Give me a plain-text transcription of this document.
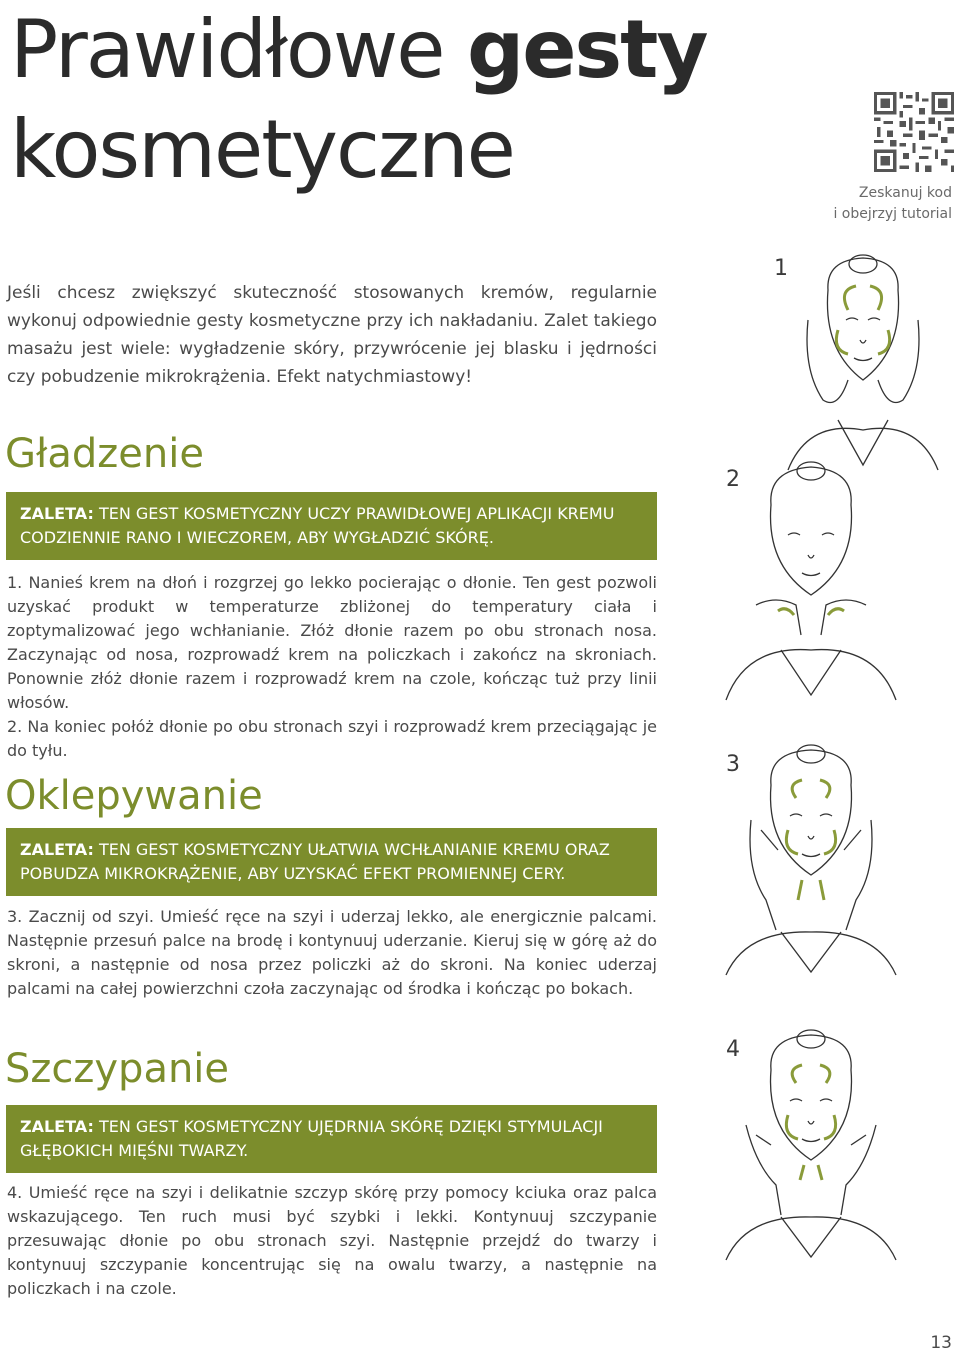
Prawidłowe gesty
kosmetyczne	Zeskanuj kod
i obejrzyj tutorial

Jeśli chcesz zwiększyć skuteczność stosowanych kremów, regularnie wykonuj odpowiednie gesty kosmetyczne przy ich nakładaniu. Zalet takiego masażu jest wiele: wygładzenie skóry, przywrócenie jej blasku i jędrności czy pobudzenie mikrokrążenia. Efekt natychmiastowy!

Gładzenie
ZALETA: TEN GEST KOSMETYCZNY UCZY PRAWIDŁOWEJ APLIKACJI KREMU CODZIENNIE RANO I WIECZOREM, ABY WYGŁADZIĆ SKÓRĘ.

1. Nanieś krem na dłoń i rozgrzej go lekko pocierając o dłonie. Ten gest pozwoli uzyskać produkt w temperaturze zbliżonej do temperatury ciała i zoptymalizować jego wchłanianie. Złóż dłonie razem po obu stronach nosa. Zaczynając od nosa, rozprowadź krem na policzkach i zakończ na skroniach. Ponownie złóż dłonie razem i rozprowadź krem na czole, kończąc tuż przy linii włosów.
2. Na koniec połóż dłonie po obu stronach szyi i rozprowadź krem przeciągając je do tyłu.

Oklepywanie
ZALETA: TEN GEST KOSMETYCZNY UŁATWIA WCHŁANIANIE KREMU ORAZ POBUDZA MIKROKRĄŻENIE, ABY UZYSKAĆ EFEKT PROMIENNEJ CERY.

3. Zacznij od szyi. Umieść ręce na szyi i uderzaj lekko, ale energicznie palcami. Następnie przesuń palce na brodę i kontynuuj uderzanie. Kieruj się w górę aż do skroni, a następnie od nosa przez policzki aż do skroni. Na koniec uderzaj palcami na całej powierzchni czoła zaczynając od środka i kończąc po bokach.

Szczypanie
ZALETA: TEN GEST KOSMETYCZNY UJĘDRNIA SKÓRĘ DZIĘKI STYMULACJI GŁĘBOKICH MIĘŚNI TWARZY.

4. Umieść ręce na szyi i delikatnie szczyp skórę przy pomocy kciuka oraz palca wskazującego. Ten ruch musi być szybki i lekki. Kontynuuj szczypanie przesuwając dłonie po obu stronach szyi. Następnie przejdź do twarzy i kontynuuj szczypanie koncentrując się na owalu twarzy, a następnie na policzkach i na czole.

1
2
3
4
13
